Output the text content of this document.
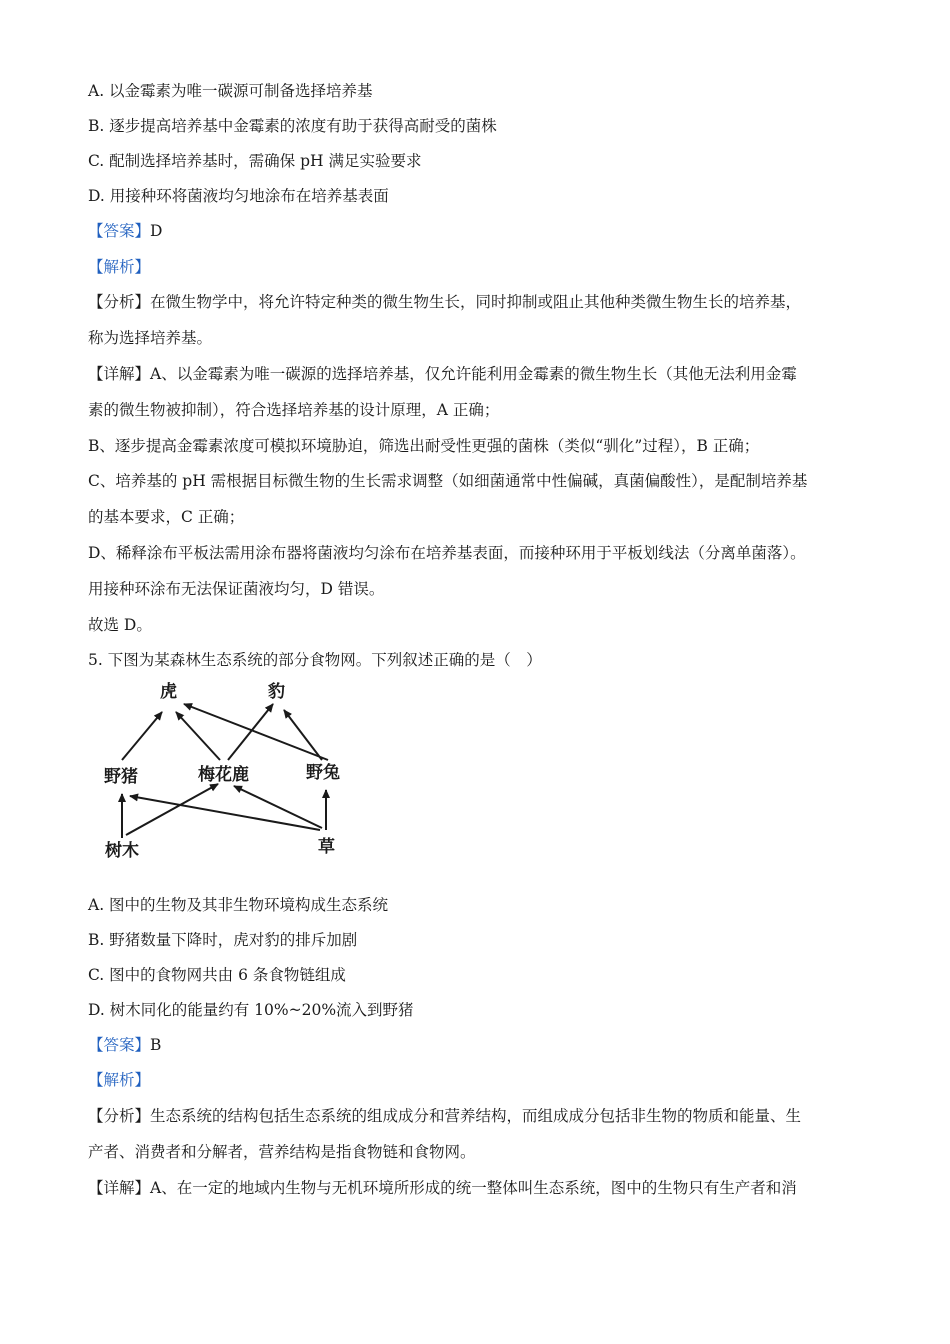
A. 以金霉素为唯一碳源可制备选择培养基
B. 逐步提高培养基中金霉素的浓度有助于获得高耐受的菌株
C. 配制选择培养基时，需确保 pH 满足实验要求
D. 用接种环将菌液均匀地涂布在培养基表面
【答案】D
【解析】
【分析】在微生物学中，将允许特定种类的微生物生长，同时抑制或阻止其他种类微生物生长的培养基，
称为选择培养基。
【详解】A、以金霉素为唯一碳源的选择培养基，仅允许能利用金霉素的微生物生长（其他无法利用金霉
素的微生物被抑制），符合选择培养基的设计原理，A 正确；
B、逐步提高金霉素浓度可模拟环境胁迫，筛选出耐受性更强的菌株（类似“驯化”过程），B 正确；
C、培养基的 pH 需根据目标微生物的生长需求调整（如细菌通常中性偏碱，真菌偏酸性），是配制培养基
的基本要求，C 正确；
D、稀释涂布平板法需用涂布器将菌液均匀涂布在培养基表面，而接种环用于平板划线法（分离单菌落）。
用接种环涂布无法保证菌液均匀，D 错误。
故选 D。
5. 下图为某森林生态系统的部分食物网。下列叙述正确的是（　）
虎	豹
野猪	梅花鹿	野兔
树木	草
A. 图中的生物及其非生物环境构成生态系统
B. 野猪数量下降时，虎对豹的排斥加剧
C. 图中的食物网共由 6 条食物链组成
D. 树木同化的能量约有 10%~20%流入到野猪
【答案】B
【解析】
【分析】生态系统的结构包括生态系统的组成成分和营养结构，而组成成分包括非生物的物质和能量、生
产者、消费者和分解者，营养结构是指食物链和食物网。
【详解】A、在一定的地域内生物与无机环境所形成的统一整体叫生态系统，图中的生物只有生产者和消
